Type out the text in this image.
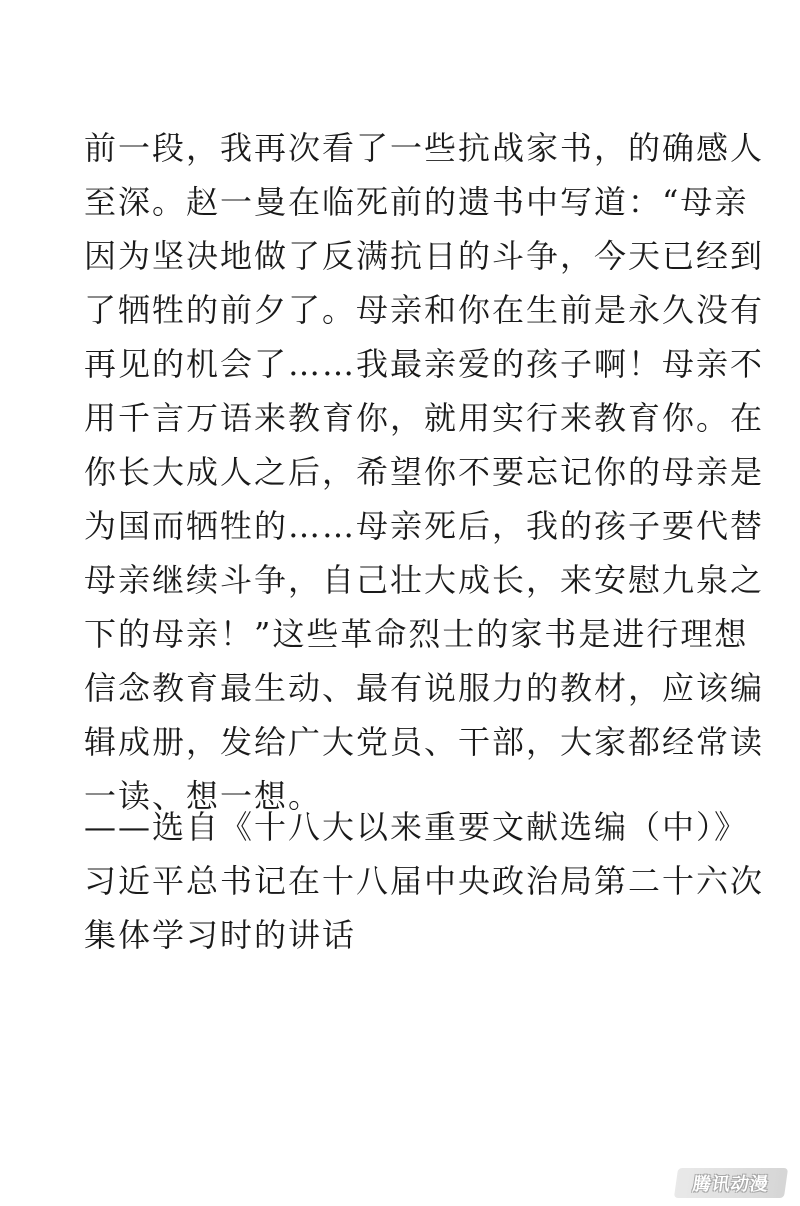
前一段，我再次看了一些抗战家书，的确感人
至深。赵一曼在临死前的遗书中写道：“母亲
因为坚决地做了反满抗日的斗争，今天已经到
了牺牲的前夕了。母亲和你在生前是永久没有
再见的机会了……我最亲爱的孩子啊！母亲不
用千言万语来教育你，就用实行来教育你。在
你长大成人之后，希望你不要忘记你的母亲是
为国而牺牲的……母亲死后，我的孩子要代替
母亲继续斗争，自己壮大成长，来安慰九泉之
下的母亲！”这些革命烈士的家书是进行理想
信念教育最生动、最有说服力的教材，应该编
辑成册，发给广大党员、干部，大家都经常读
一读、想一想。
——选自《十八大以来重要文献选编（中）》
习近平总书记在十八届中央政治局第二十六次
集体学习时的讲话
腾讯动漫
